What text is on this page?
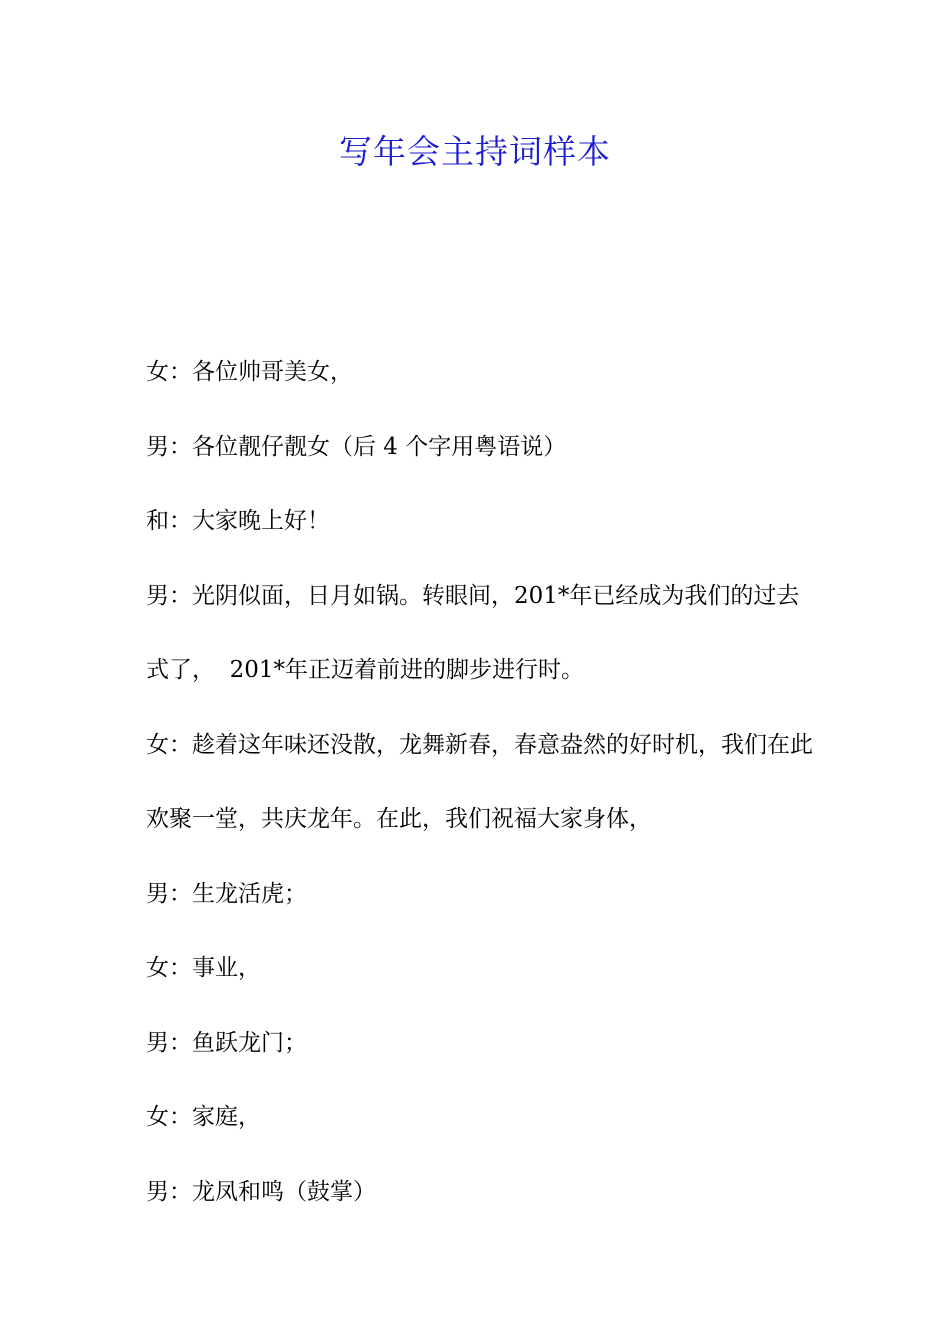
写年会主持词样本

女：各位帅哥美女，

男：各位靓仔靓女（后 4 个字用粤语说）

和：大家晚上好！

男：光阴似面，日月如锅。转眼间，201*年已经成为我们的过去式了，  201*年正迈着前进的脚步进行时。

女：趁着这年味还没散，龙舞新春，春意盎然的好时机，我们在此欢聚一堂，共庆龙年。在此，我们祝福大家身体，

男：生龙活虎；

女：事业，

男：鱼跃龙门；

女：家庭，

男：龙凤和鸣（鼓掌）
